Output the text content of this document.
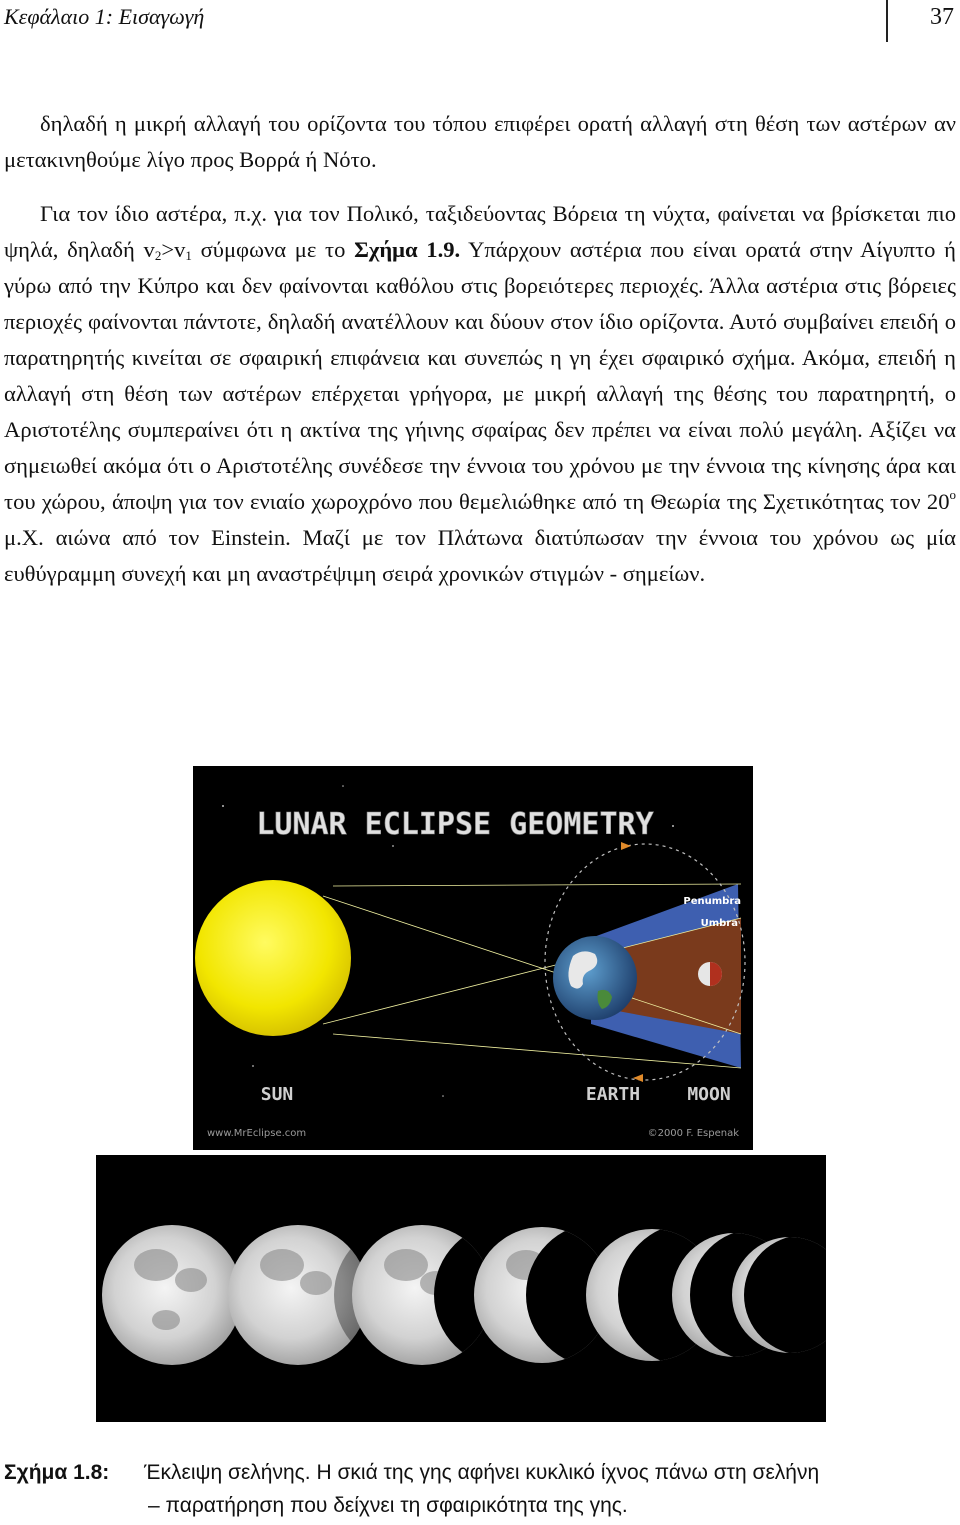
Κεφάλαιο 1: Εισαγωγή	37

δηλαδή η μικρή αλλαγή του ορίζοντα του τόπου επιφέρει ορατή αλλαγή στη θέση των αστέρων αν μετακινηθούμε λίγο προς Βορρά ή Νότο.

Για τον ίδιο αστέρα, π.χ. για τον Πολικό, ταξιδεύοντας Βόρεια τη νύχτα, φαίνεται να βρίσκεται πιο ψηλά, δηλαδή $v_2>v_1$ σύμφωνα με το Σχήμα 1.9. Υπάρχουν αστέρια που είναι ορατά στην Αίγυπτο ή γύρω από την Κύπρο και δεν φαίνονται καθόλου στις βορειότερες περιοχές. Άλλα αστέρια στις βόρειες περιοχές φαίνονται πάντοτε, δηλαδή ανατέλλουν και δύουν στον ίδιο ορίζοντα. Αυτό συμβαίνει επειδή ο παρατηρητής κινείται σε σφαιρική επιφάνεια και συνεπώς η γη έχει σφαιρικό σχήμα. Ακόμα, επειδή η αλλαγή στη θέση των αστέρων επέρχεται γρήγορα, με μικρή αλλαγή της θέσης του παρατηρητή, ο Αριστοτέλης συμπεραίνει ότι η ακτίνα της γήινης σφαίρας δεν πρέπει να είναι πολύ μεγάλη. Αξίζει να σημειωθεί ακόμα ότι ο Αριστοτέλης συνέδεσε την έννοια του χρόνου με την έννοια της κίνησης άρα και του χώρου, άποψη για τον ενιαίο χωροχρόνο που θεμελιώθηκε από τη Θεωρία της Σχετικότητας τον $20^o$ μ.Χ. αιώνα από τον Einstein. Μαζί με τον Πλάτωνα διατύπωσαν την έννοια του χρόνου ως μία ευθύγραμμη συνεχή και μη αναστρέψιμη σειρά χρονικών στιγμών - σημείων.

LUNAR ECLIPSE GEOMETRY
Penumbra
Umbra
SUN	EARTH	MOON
www.MrEclipse.com	©2000 F. Espenak
Σχήμα 1.8: Έκλειψη σελήνης. Η σκιά της γης αφήνει κυκλικό ίχνος πάνω στη σελήνη
– παρατήρηση που δείχνει τη σφαιρικότητα της γης.
